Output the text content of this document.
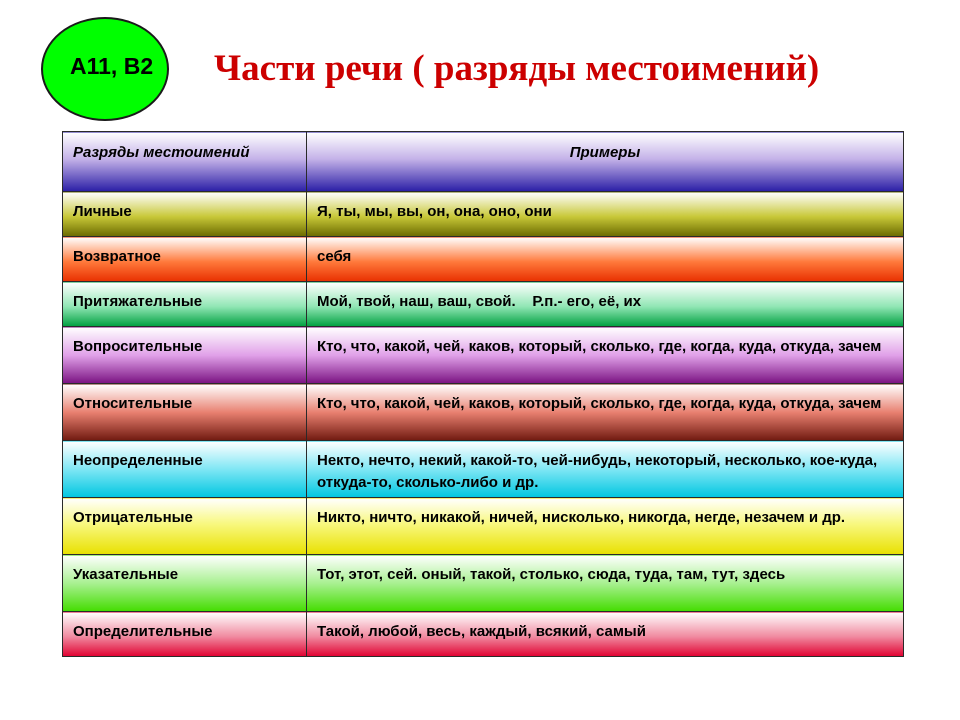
А11, В2 Части речи ( разряды местоимений)
Разряды местоимений	Примеры
Личные	Я, ты, мы, вы, он, она, оно, они
Возвратное	себя
Притяжательные	Мой, твой, наш, ваш, свой.    Р.п.- его, её, их
Вопросительные	Кто, что, какой, чей, каков, который, сколько, где, когда, куда, откуда, зачем
Относительные	Кто, что, какой, чей, каков, который, сколько, где, когда, куда, откуда, зачем
Неопределенные	Некто, нечто, некий, какой-то, чей-нибудь, некоторый, несколько, кое-куда, откуда-то, сколько-либо и др.
Отрицательные	Никто, ничто, никакой, ничей, нисколько, никогда, негде, незачем и др.
Указательные	Тот, этот, сей. оный, такой, столько, сюда, туда, там, тут, здесь
Определительные	Такой, любой, весь, каждый, всякий, самый
